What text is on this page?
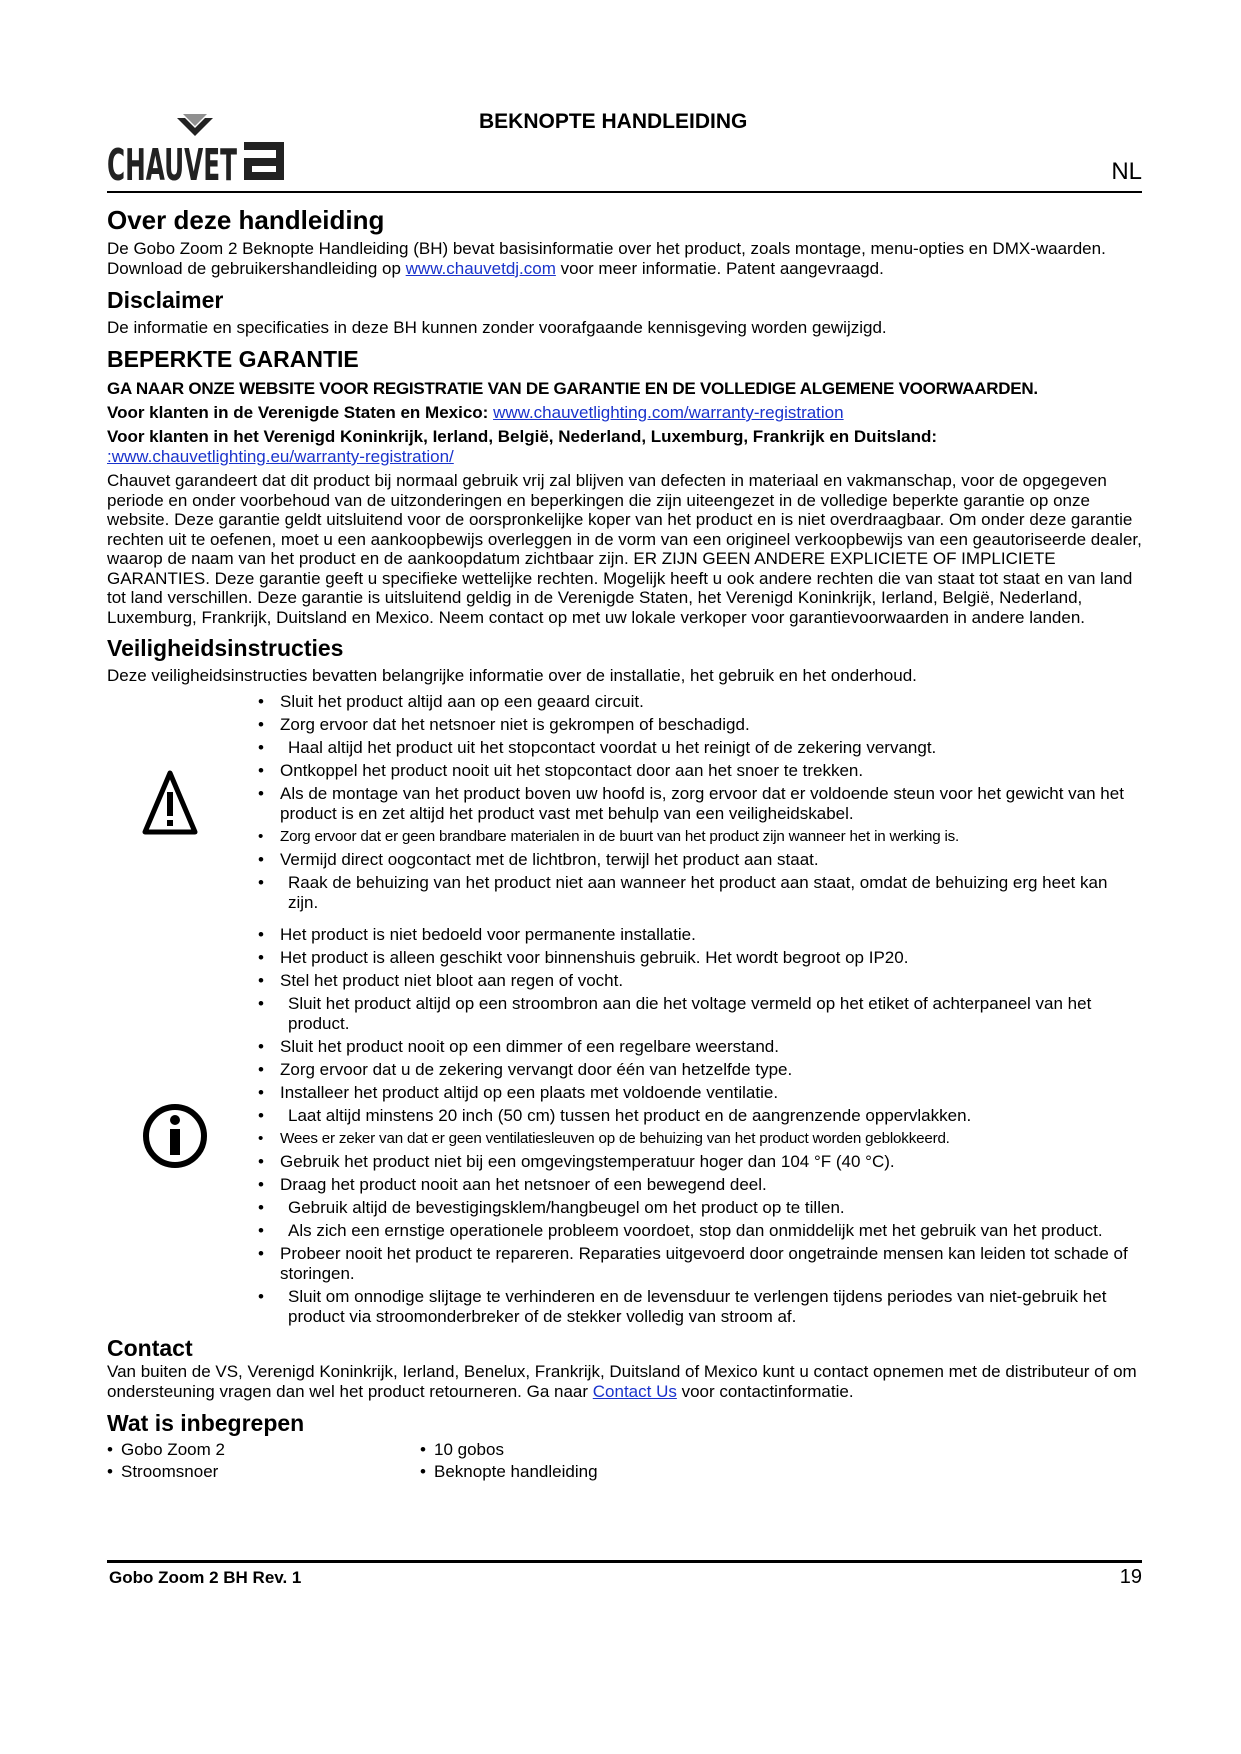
CHAUVET
BEKNOPTE HANDLEIDING
NL
Over deze handleiding

De Gobo Zoom 2 Beknopte Handleiding (BH) bevat basisinformatie over het product, zoals montage, menu-opties en DMX-waarden. Download de gebruikershandleiding op www.chauvetdj.com voor meer informatie. Patent aangevraagd.

Disclaimer

De informatie en specificaties in deze BH kunnen zonder voorafgaande kennisgeving worden gewijzigd.

BEPERKTE GARANTIE

GA NAAR ONZE WEBSITE VOOR REGISTRATIE VAN DE GARANTIE EN DE VOLLEDIGE ALGEMENE VOORWAARDEN.

Voor klanten in de Verenigde Staten en Mexico: www.chauvetlighting.com/warranty-registration

Voor klanten in het Verenigd Koninkrijk, Ierland, België, Nederland, Luxemburg, Frankrijk en Duitsland:

:www.chauvetlighting.eu/warranty-registration/

Chauvet garandeert dat dit product bij normaal gebruik vrij zal blijven van defecten in materiaal en vakmanschap, voor de opgegeven periode en onder voorbehoud van de uitzonderingen en beperkingen die zijn uiteengezet in de volledige beperkte garantie op onze website. Deze garantie geldt uitsluitend voor de oorspronkelijke koper van het product en is niet overdraagbaar. Om onder deze garantie rechten uit te oefenen, moet u een aankoopbewijs overleggen in de vorm van een origineel verkoopbewijs van een geautoriseerde dealer, waarop de naam van het product en de aankoopdatum zichtbaar zijn. ER ZIJN GEEN ANDERE EXPLICIETE OF IMPLICIETE GARANTIES. Deze garantie geeft u specifieke wettelijke rechten. Mogelijk heeft u ook andere rechten die van staat tot staat en van land tot land verschillen. Deze garantie is uitsluitend geldig in de Verenigde Staten, het Verenigd Koninkrijk, Ierland, België, Nederland, Luxemburg, Frankrijk, Duitsland en Mexico. Neem contact op met uw lokale verkoper voor garantievoorwaarden in andere landen.

Veiligheidsinstructies

Deze veiligheidsinstructies bevatten belangrijke informatie over de installatie, het gebruik en het onderhoud.

• Sluit het product altijd aan op een geaard circuit.
• Zorg ervoor dat het netsnoer niet is gekrompen of beschadigd.
• Haal altijd het product uit het stopcontact voordat u het reinigt of de zekering vervangt.
• Ontkoppel het product nooit uit het stopcontact door aan het snoer te trekken.
• Als de montage van het product boven uw hoofd is, zorg ervoor dat er voldoende steun voor het gewicht van het product is en zet altijd het product vast met behulp van een veiligheidskabel.
• Zorg ervoor dat er geen brandbare materialen in de buurt van het product zijn wanneer het in werking is.
• Vermijd direct oogcontact met de lichtbron, terwijl het product aan staat.
• Raak de behuizing van het product niet aan wanneer het product aan staat, omdat de behuizing erg heet kan zijn.
• Het product is niet bedoeld voor permanente installatie.
• Het product is alleen geschikt voor binnenshuis gebruik. Het wordt begroot op IP20.
• Stel het product niet bloot aan regen of vocht.
• Sluit het product altijd op een stroombron aan die het voltage vermeld op het etiket of achterpaneel van het product.
• Sluit het product nooit op een dimmer of een regelbare weerstand.
• Zorg ervoor dat u de zekering vervangt door één van hetzelfde type.
• Installeer het product altijd op een plaats met voldoende ventilatie.
• Laat altijd minstens 20 inch (50 cm) tussen het product en de aangrenzende oppervlakken.
• Wees er zeker van dat er geen ventilatiesleuven op de behuizing van het product worden geblokkeerd.
• Gebruik het product niet bij een omgevingstemperatuur hoger dan 104 °F (40 °C).
• Draag het product nooit aan het netsnoer of een bewegend deel.
• Gebruik altijd de bevestigingsklem/hangbeugel om het product op te tillen.
• Als zich een ernstige operationele probleem voordoet, stop dan onmiddelijk met het gebruik van het product.
• Probeer nooit het product te repareren. Reparaties uitgevoerd door ongetrainde mensen kan leiden tot schade of storingen.
• Sluit om onnodige slijtage te verhinderen en de levensduur te verlengen tijdens periodes van niet-gebruik het product via stroomonderbreker of de stekker volledig van stroom af.
Contact

Van buiten de VS, Verenigd Koninkrijk, Ierland, Benelux, Frankrijk, Duitsland of Mexico kunt u contact opnemen met de distributeur of om ondersteuning vragen dan wel het product retourneren. Ga naar Contact Us voor contactinformatie.

Wat is inbegrepen
• Gobo Zoom 2
• Stroomsnoer
• 10 gobos
• Beknopte handleiding
Gobo Zoom 2 BH Rev. 1	19
